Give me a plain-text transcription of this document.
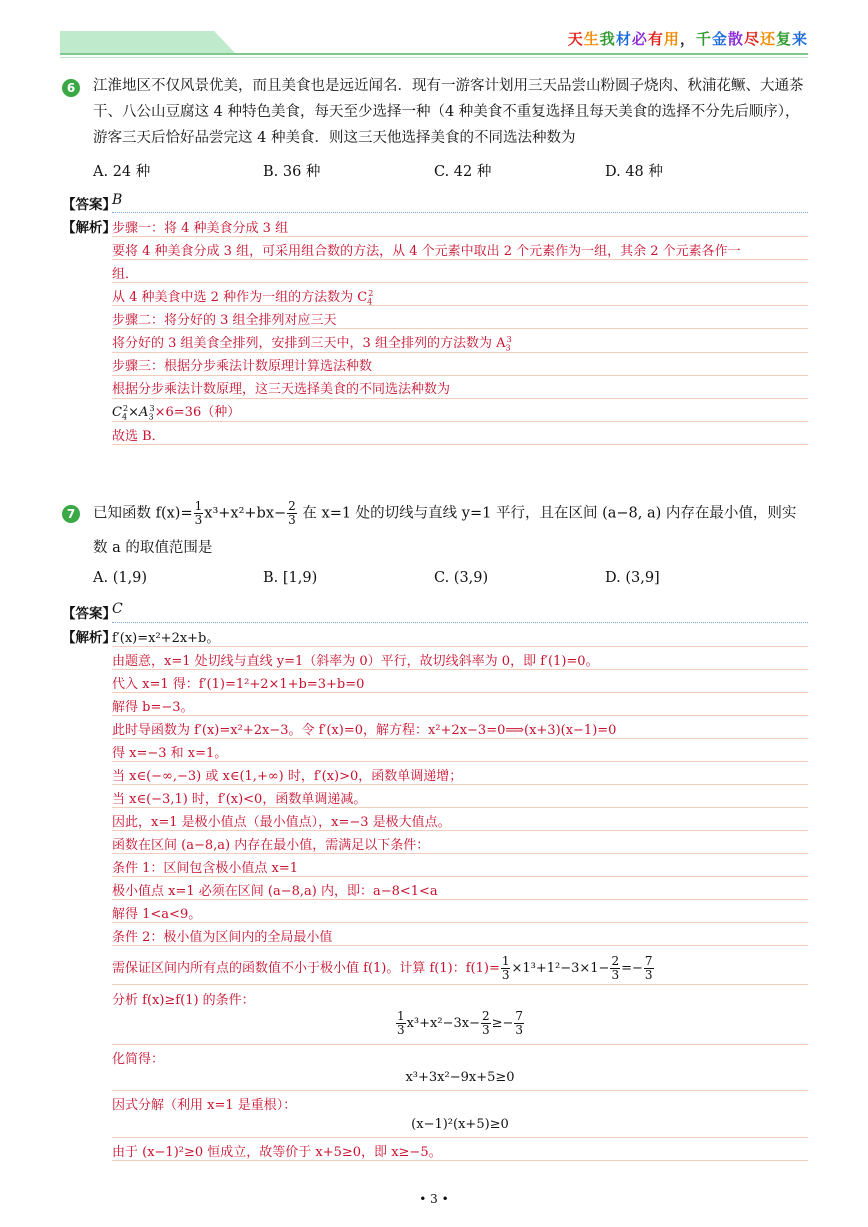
天生我材必有用，千金散尽还复来
6	江淮地区不仅风景优美，而且美食也是远近闻名．现有一游客计划用三天品尝山粉圆子烧肉、秋浦花鳜、大通茶干、八公山豆腐这 4 种特色美食，每天至少选择一种（4 种美食不重复选择且每天美食的选择不分先后顺序），游客三天后恰好品尝完这 4 种美食．则这三天他选择美食的不同选法种数为
A. 24 种	B. 36 种	C. 42 种	D. 48 种
【答案】
B
【解析】
步骤一：将 4 种美食分成 3 组
要将 4 种美食分成 3 组，可采用组合数的方法，从 4 个元素中取出 2 个元素作为一组，其余 2 个元素各作一
组．
从 4 种美食中选 2 种作为一组的方法数为 $C_4^2$
步骤二：将分好的 3 组全排列对应三天
将分好的 3 组美食全排列，安排到三天中，3 组全排列的方法数为 $A_3^3$
步骤三：根据分步乘法计数原理计算选法种数
根据分步乘法计数原理，这三天选择美食的不同选法种数为
$C_4^2\times A_3^3\times 6=36$（种）
故选 B．
7	已知函数 $f(x)= \frac{1}{3} x^3+x^2+bx- \frac{2}{3}$ 在 x=1 处的切线与直线 y=1 平行，且在区间 (a−8, a) 内存在最小值，则实
数 a 的取值范围是
A. (1,9)	B. [1,9)	C. (3,9)	D. (3,9]
【答案】
C
【解析】
f′(x)=x²+2x+b。
由题意，x=1 处切线与直线 y=1（斜率为 0）平行，故切线斜率为 0，即 f′(1)=0。
代入 x=1 得：f′(1)=1²+2×1+b=3+b=0
解得 b=−3。
此时导函数为 f′(x)=x²+2x−3。令 f′(x)=0，解方程：x²+2x−3=0⟹(x+3)(x−1)=0
得 x=−3 和 x=1。
当 x∈(−∞,−3) 或 x∈(1,+∞) 时，f′(x)>0，函数单调递增；
当 x∈(−3,1) 时，f′(x)<0，函数单调递减。
因此，x=1 是极小值点（最小值点），x=−3 是极大值点。
函数在区间 (a−8,a) 内存在最小值，需满足以下条件：
条件 1：区间包含极小值点 x=1
极小值点 x=1 必须在区间 (a−8,a) 内，即：a−8<1<a
解得 1<a<9。
条件 2：极小值为区间内的全局最小值
需保证区间内所有点的函数值不小于极小值 f(1)。计算 f(1)：$f(1)= \frac{1}{3} \times 1^3+1^2-3\times 1- \frac{2}{3} =- \frac{7}{3}$
分析 f(x)≥f(1) 的条件：
$\frac{1}{3} x^3+x^2-3x- \frac{2}{3} \ge- \frac{7}{3}$
化简得：
x³+3x²−9x+5≥0
因式分解（利用 x=1 是重根）：
(x−1)²(x+5)≥0
由于 (x−1)²≥0 恒成立，故等价于 x+5≥0，即 x≥−5。
• 3 •
